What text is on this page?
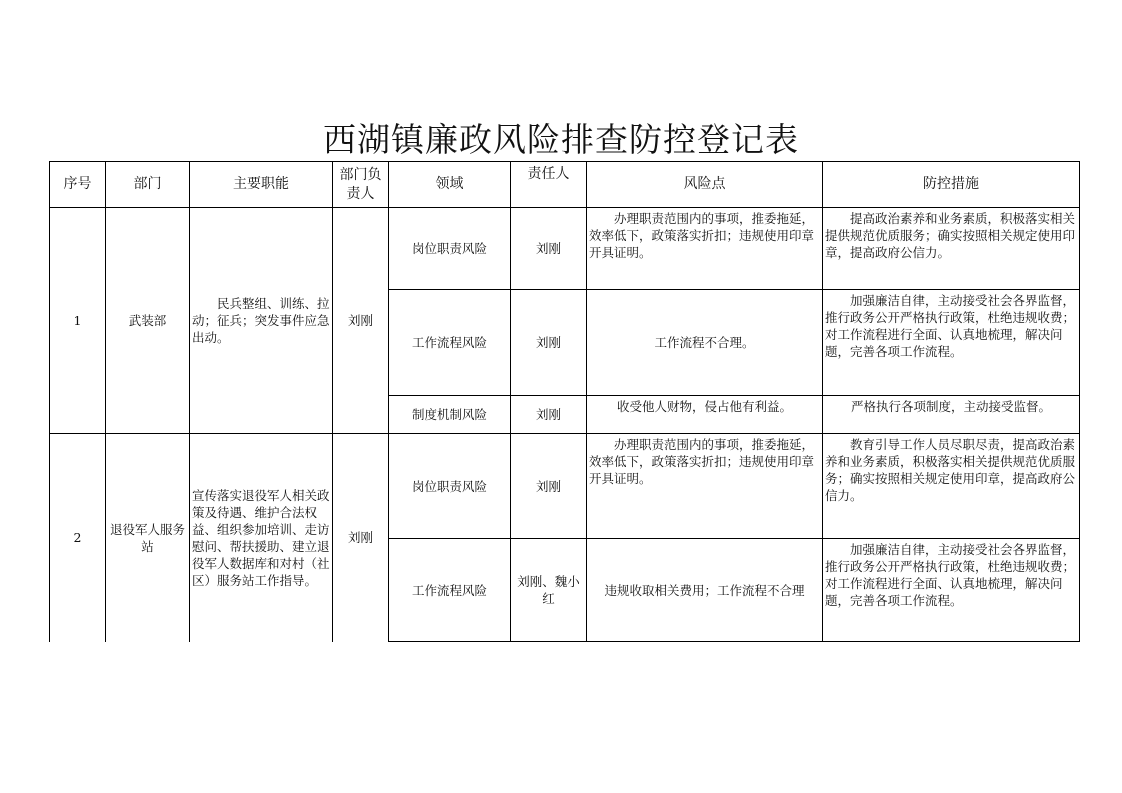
西湖镇廉政风险排查防控登记表
序号	部门	主要职能	部门负责人	领域	责任人	风险点	防控措施
1	武装部	民兵整组、训练、拉动；征兵；突发事件应急出动。	刘刚	岗位职责风险	刘刚	办理职责范围内的事项，推委拖延，效率低下，政策落实折扣；违规使用印章开具证明。	提高政治素养和业务素质，积极落实相关提供规范优质服务；确实按照相关规定使用印章，提高政府公信力。
				工作流程风险	刘刚	工作流程不合理。	加强廉洁自律，主动接受社会各界监督，推行政务公开严格执行政策，杜绝违规收费；对工作流程进行全面、认真地梳理，解决问题，完善各项工作流程。
				制度机制风险	刘刚	收受他人财物，侵占他有利益。	严格执行各项制度，主动接受监督。
2	退役军人服务站	宣传落实退役军人相关政策及待遇、维护合法权益、组织参加培训、走访慰问、帮扶援助、建立退役军人数据库和对村（社区）服务站工作指导。	刘刚	岗位职责风险	刘刚	办理职责范围内的事项，推委拖延，效率低下，政策落实折扣；违规使用印章开具证明。	教育引导工作人员尽职尽责，提高政治素养和业务素质，积极落实相关提供规范优质服务；确实按照相关规定使用印章，提高政府公信力。
				工作流程风险	刘刚、魏小红	违规收取相关费用；工作流程不合理	加强廉洁自律，主动接受社会各界监督，推行政务公开严格执行政策，杜绝违规收费；对工作流程进行全面、认真地梳理，解决问题，完善各项工作流程。
